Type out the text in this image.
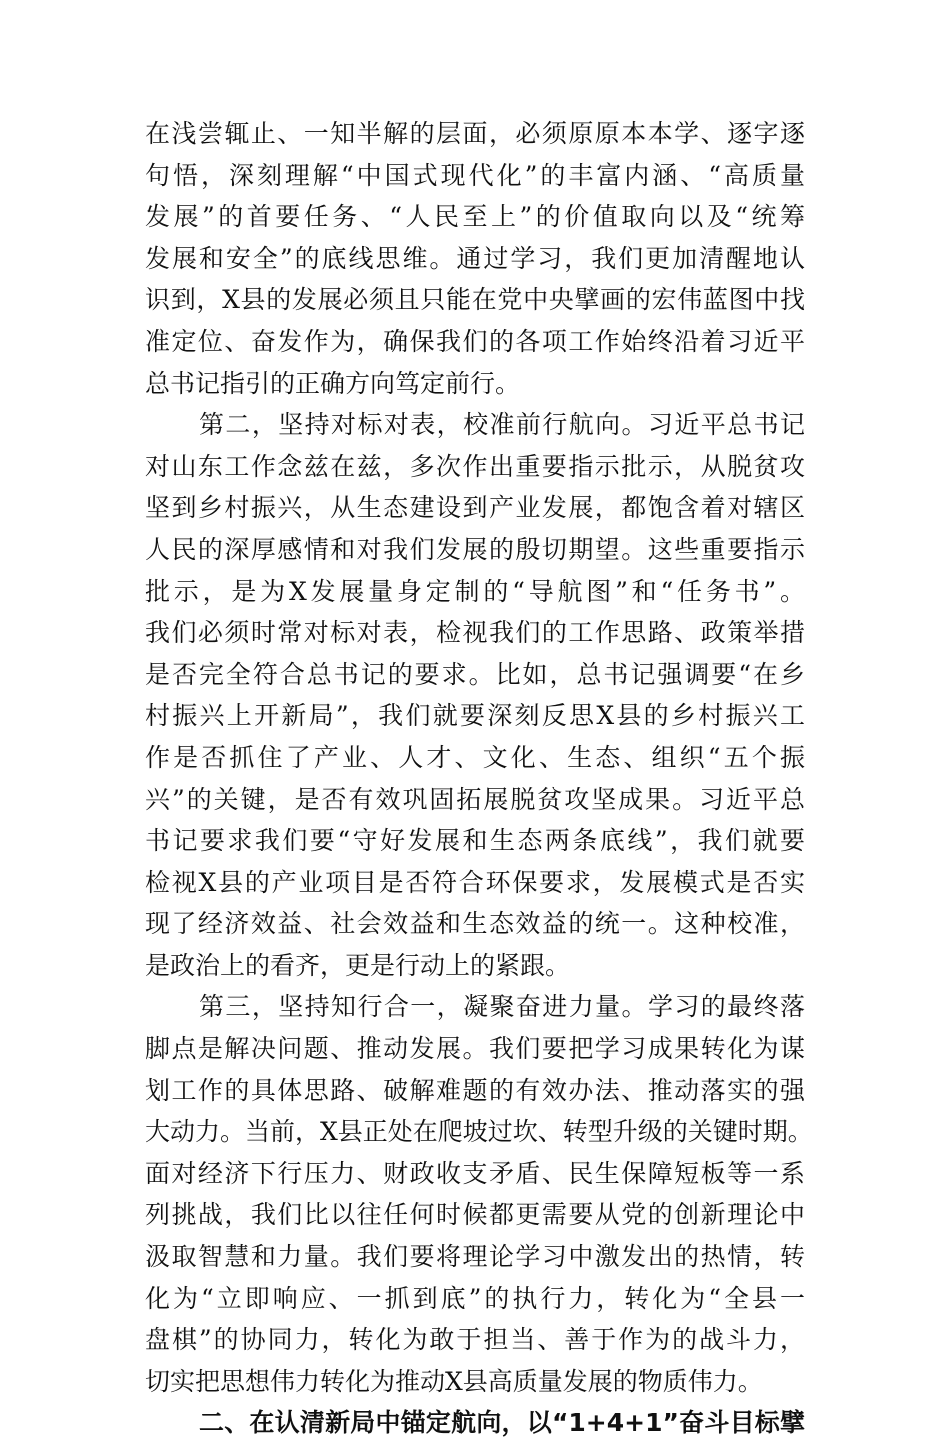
在浅尝辄止、一知半解的层面，必须原原本本学、逐字逐
句悟，深刻理解“中国式现代化”的丰富内涵、“高质量
发展”的首要任务、“人民至上”的价值取向以及“统筹
发展和安全”的底线思维。通过学习，我们更加清醒地认
识到，X县的发展必须且只能在党中央擘画的宏伟蓝图中找
准定位、奋发作为，确保我们的各项工作始终沿着习近平
总书记指引的正确方向笃定前行。
第二，坚持对标对表，校准前行航向。习近平总书记
对山东工作念兹在兹，多次作出重要指示批示，从脱贫攻
坚到乡村振兴，从生态建设到产业发展，都饱含着对辖区
人民的深厚感情和对我们发展的殷切期望。这些重要指示
批示，是为X发展量身定制的“导航图”和“任务书”。
我们必须时常对标对表，检视我们的工作思路、政策举措
是否完全符合总书记的要求。比如，总书记强调要“在乡
村振兴上开新局”，我们就要深刻反思X县的乡村振兴工
作是否抓住了产业、人才、文化、生态、组织“五个振
兴”的关键，是否有效巩固拓展脱贫攻坚成果。习近平总
书记要求我们要“守好发展和生态两条底线”，我们就要
检视X县的产业项目是否符合环保要求，发展模式是否实
现了经济效益、社会效益和生态效益的统一。这种校准，
是政治上的看齐，更是行动上的紧跟。
第三，坚持知行合一，凝聚奋进力量。学习的最终落
脚点是解决问题、推动发展。我们要把学习成果转化为谋
划工作的具体思路、破解难题的有效办法、推动落实的强
大动力。当前，X县正处在爬坡过坎、转型升级的关键时期。
面对经济下行压力、财政收支矛盾、民生保障短板等一系
列挑战，我们比以往任何时候都更需要从党的创新理论中
汲取智慧和力量。我们要将理论学习中激发出的热情，转
化为“立即响应、一抓到底”的执行力，转化为“全县一
盘棋”的协同力，转化为敢于担当、善于作为的战斗力，
切实把思想伟力转化为推动X县高质量发展的物质伟力。
二、在认清新局中锚定航向，以“1+4+1”奋斗目标擘
